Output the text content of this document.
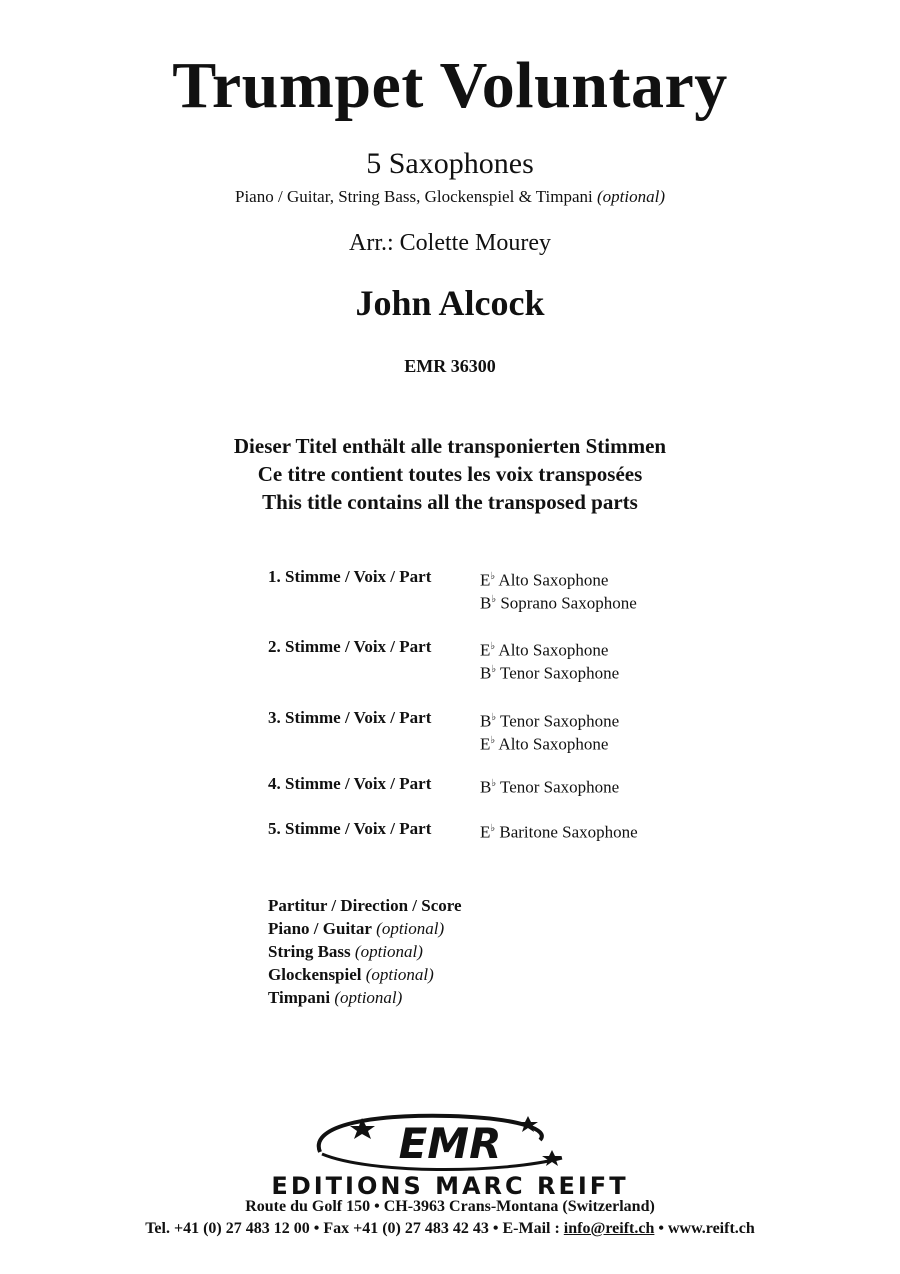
Trumpet Voluntary
5 Saxophones
Piano / Guitar, String Bass, Glockenspiel & Timpani (optional)
Arr.: Colette Mourey
John Alcock
EMR 36300
Dieser Titel enthält alle transponierten Stimmen
Ce titre contient toutes les voix transposées
This title contains all the transposed parts
1. Stimme / Voix / Part	E♭ Alto Saxophone
B♭ Soprano Saxophone
2. Stimme / Voix / Part	E♭ Alto Saxophone
B♭ Tenor Saxophone
3. Stimme / Voix / Part	B♭ Tenor Saxophone
E♭ Alto Saxophone
4. Stimme / Voix / Part	B♭ Tenor Saxophone
5. Stimme / Voix / Part	E♭ Baritone Saxophone
Partitur / Direction / Score
Piano / Guitar (optional)
String Bass (optional)
Glockenspiel (optional)
Timpani (optional)
EMR
EDITIONS MARC REIFT
Route du Golf 150 • CH-3963 Crans-Montana (Switzerland)
Tel. +41 (0) 27 483 12 00 • Fax +41 (0) 27 483 42 43 • E-Mail : info@reift.ch • www.reift.ch
